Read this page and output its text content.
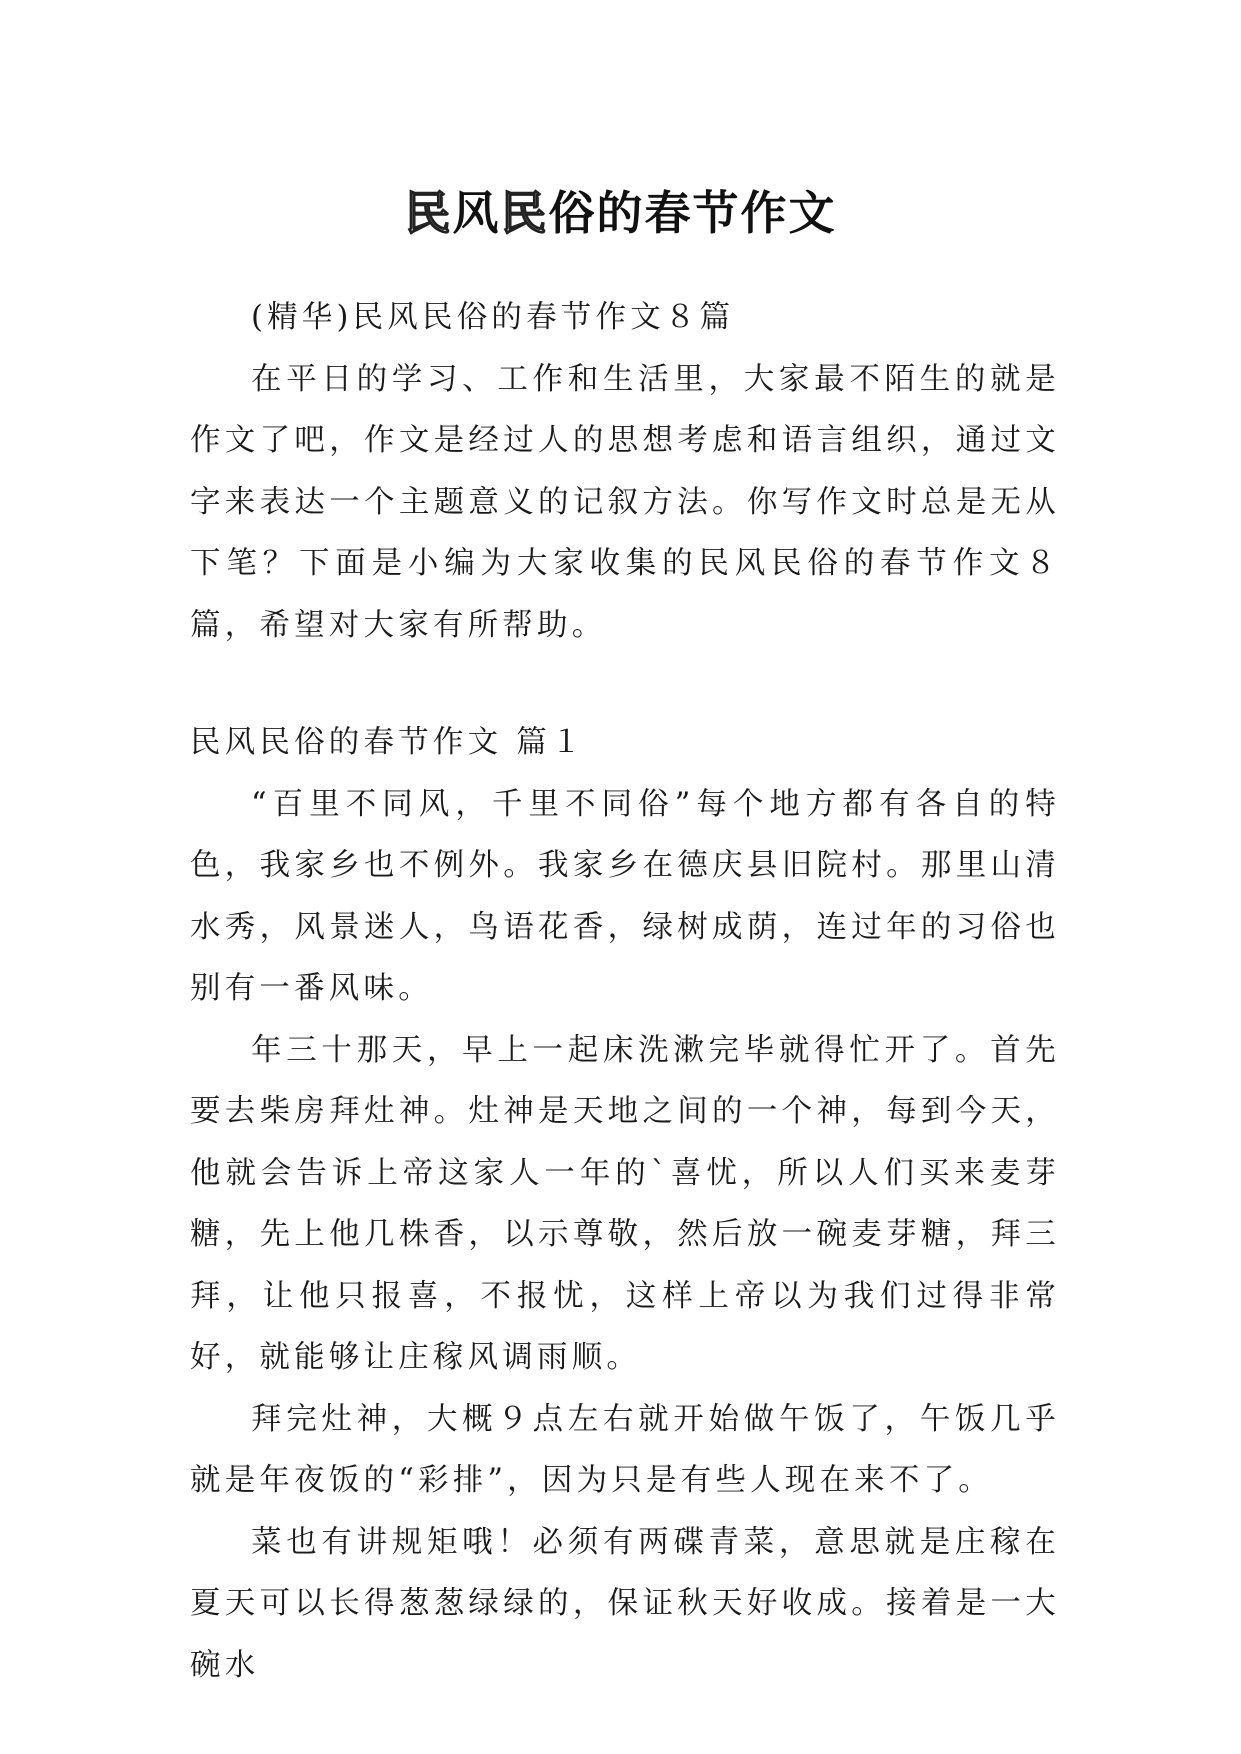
民风民俗的春节作文

(精华)民风民俗的春节作文８篇

在平日的学习、工作和生活里，大家最不陌生的就是作文了吧，作文是经过人的思想考虑和语言组织，通过文字来表达一个主题意义的记叙方法。你写作文时总是无从下笔？下面是小编为大家收集的民风民俗的春节作文８篇，希望对大家有所帮助。

民风民俗的春节作文 篇１

“百里不同风，千里不同俗”每个地方都有各自的特色，我家乡也不例外。我家乡在德庆县旧院村。那里山清水秀，风景迷人，鸟语花香，绿树成荫，连过年的习俗也别有一番风味。

年三十那天，早上一起床洗漱完毕就得忙开了。首先要去柴房拜灶神。灶神是天地之间的一个神，每到今天，他就会告诉上帝这家人一年的`喜忧，所以人们买来麦芽糖，先上他几株香，以示尊敬，然后放一碗麦芽糖，拜三拜，让他只报喜，不报忧，这样上帝以为我们过得非常好，就能够让庄稼风调雨顺。

拜完灶神，大概９点左右就开始做午饭了，午饭几乎就是年夜饭的“彩排”，因为只是有些人现在来不了。

菜也有讲规矩哦！必须有两碟青菜，意思就是庄稼在夏天可以长得葱葱绿绿的，保证秋天好收成。接着是一大碗水
